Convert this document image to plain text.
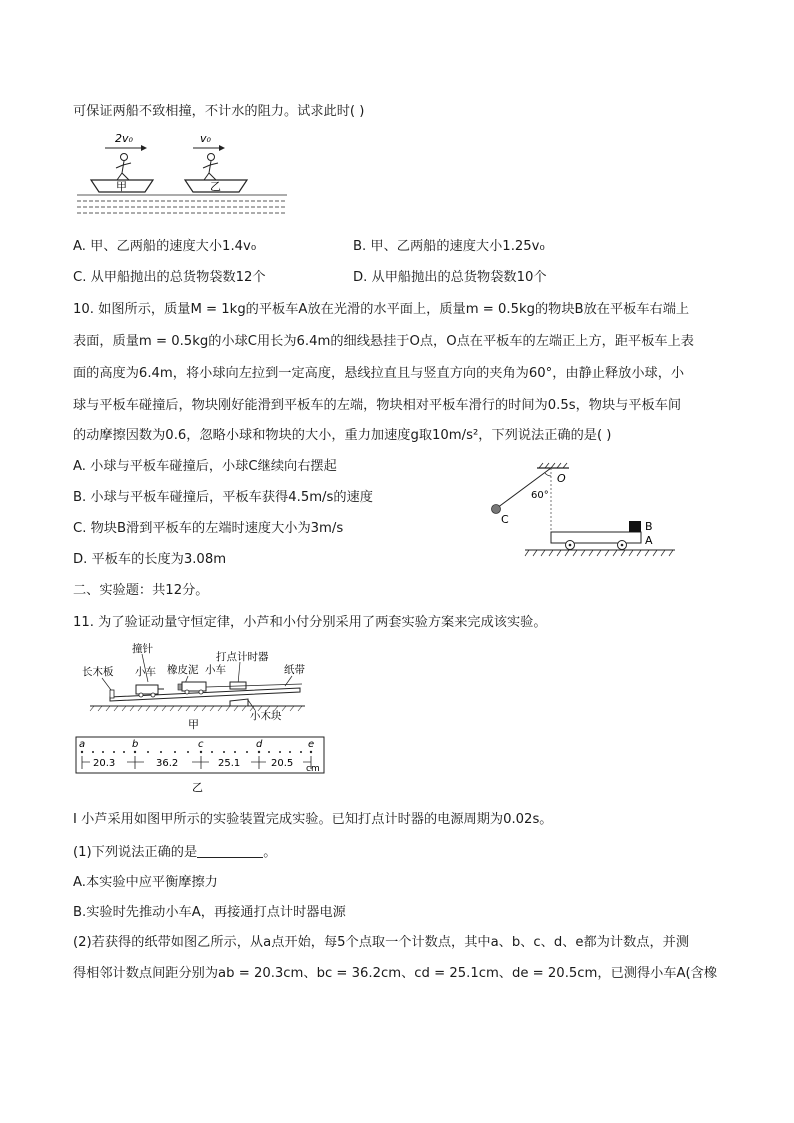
可保证两船不致相撞，不计水的阻力。试求此时( )
2v₀	v₀
甲	乙
A. 甲、乙两船的速度大小1.4v₀	B. 甲、乙两船的速度大小1.25v₀
C. 从甲船抛出的总货物袋数12个	D. 从甲船抛出的总货物袋数10个
10. 如图所示，质量M = 1kg的平板车A放在光滑的水平面上，质量m = 0.5kg的物块B放在平板车右端上
表面，质量m = 0.5kg的小球C用长为6.4m的细线悬挂于O点，O点在平板车的左端正上方，距平板车上表
面的高度为6.4m，将小球向左拉到一定高度，悬线拉直且与竖直方向的夹角为60°，由静止释放小球，小
球与平板车碰撞后，物块刚好能滑到平板车的左端，物块相对平板车滑行的时间为0.5s，物块与平板车间
的动摩擦因数为0.6，忽略小球和物块的大小，重力加速度g取10m/s²，下列说法正确的是( )
A. 小球与平板车碰撞后，小球C继续向右摆起
B. 小球与平板车碰撞后，平板车获得4.5m/s的速度
C. 物块B滑到平板车的左端时速度大小为3m/s
D. 平板车的长度为3.08m
O
60°
C
B
A
二、实验题：共12分。
11. 为了验证动量守恒定律，小芦和小付分别采用了两套实验方案来完成该实验。
撞针
长木板 小车 橡皮泥
打点计时器
小车	纸带
小木块
甲
a	b	c	d	e
20.3	36.2	25.1	20.5 cm
乙
Ⅰ 小芦采用如图甲所示的实验装置完成实验。已知打点计时器的电源周期为0.02s。
(1)下列说法正确的是	。
A.本实验中应平衡摩擦力
B.实验时先推动小车A，再接通打点计时器电源
(2)若获得的纸带如图乙所示，从a点开始，每5个点取一个计数点，其中a、b、c、d、e都为计数点，并测
得相邻计数点间距分别为ab = 20.3cm、bc = 36.2cm、cd = 25.1cm、de = 20.5cm，已测得小车A(含橡
